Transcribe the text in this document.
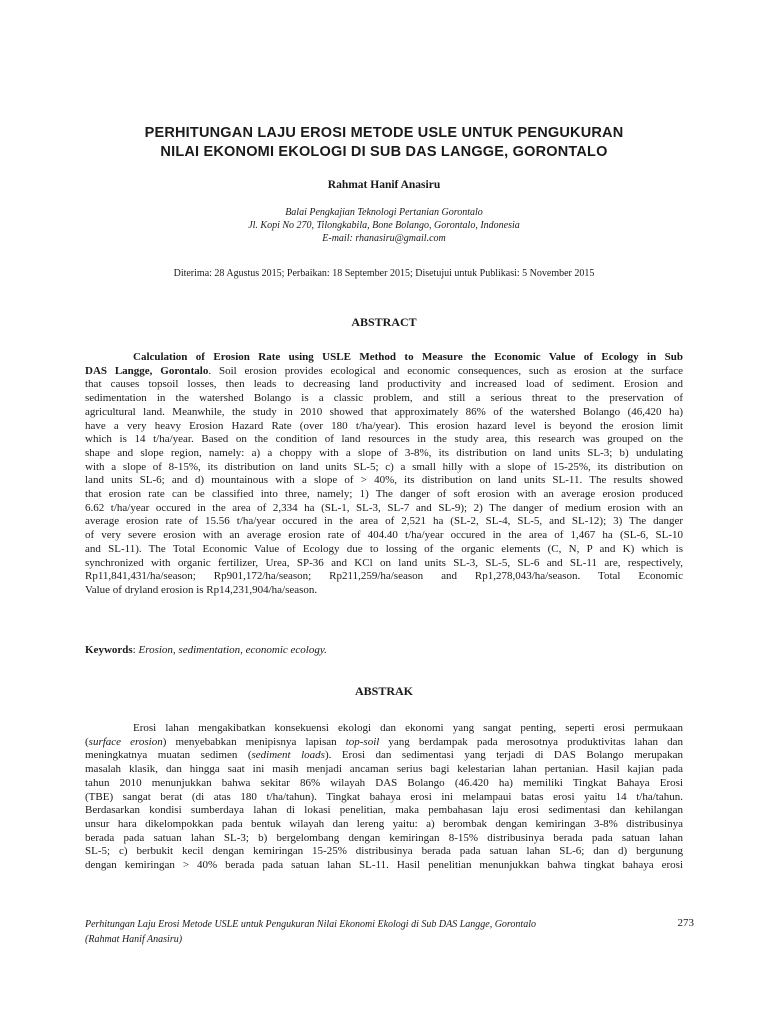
PERHITUNGAN LAJU EROSI METODE USLE UNTUK PENGUKURAN
NILAI EKONOMI EKOLOGI DI SUB DAS LANGGE, GORONTALO
Rahmat Hanif Anasiru
Balai Pengkajian Teknologi Pertanian Gorontalo
Jl. Kopi No 270, Tilongkabila, Bone Bolango, Gorontalo, Indonesia
E-mail: rhanasiru@gmail.com
Diterima: 28 Agustus 2015; Perbaikan: 18 September 2015; Disetujui untuk Publikasi: 5 November 2015
ABSTRACT
Calculation of Erosion Rate using USLE Method to Measure the Economic Value of Ecology in Sub
DAS Langge, Gorontalo. Soil erosion provides ecological and economic consequences, such as erosion at the surface
that causes topsoil losses, then leads to decreasing land productivity and increased load of sediment. Erosion and
sedimentation in the watershed Bolango is a classic problem, and still a serious threat to the preservation of
agricultural land. Meanwhile, the study in 2010 showed that approximately 86% of the watershed Bolango (46,420 ha)
have a very heavy Erosion Hazard Rate (over 180 t/ha/year). This erosion hazard level is beyond the erosion limit
which is 14 t/ha/year. Based on the condition of land resources in the study area, this research was grouped on the
shape and slope region, namely: a) a choppy with a slope of 3-8%, its distribution on land units SL-3; b) undulating
with a slope of 8-15%, its distribution on land units SL-5; c) a small hilly with a slope of 15-25%, its distribution on
land units SL-6; and d) mountainous with a slope of > 40%, its distribution on land units SL-11. The results showed
that erosion rate can be classified into three, namely; 1) The danger of soft erosion with an average erosion produced
6.62 t/ha/year occured in the area of 2,334 ha (SL-1, SL-3, SL-7 and SL-9); 2) The danger of medium erosion with an
average erosion rate of 15.56 t/ha/year occured in the area of 2,521 ha (SL-2, SL-4, SL-5, and SL-12); 3) The danger
of very severe erosion with an average erosion rate of 404.40 t/ha/year occured in the area of 1,467 ha (SL-6, SL-10
and SL-11). The Total Economic Value of Ecology due to lossing of the organic elements (C, N, P and K) which is
synchronized with organic fertilizer, Urea, SP-36 and KCl on land units SL-3, SL-5, SL-6 and SL-11 are, respectively,
Rp11,841,431/ha/season; Rp901,172/ha/season; Rp211,259/ha/season and Rp1,278,043/ha/season. Total Economic
Value of dryland erosion is Rp14,231,904/ha/season.
Keywords: Erosion, sedimentation, economic ecology.
ABSTRAK
Erosi lahan mengakibatkan konsekuensi ekologi dan ekonomi yang sangat penting, seperti erosi permukaan
(surface erosion) menyebabkan menipisnya lapisan top-soil yang berdampak pada merosotnya produktivitas lahan dan
meningkatnya muatan sedimen (sediment loads). Erosi dan sedimentasi yang terjadi di DAS Bolango merupakan
masalah klasik, dan hingga saat ini masih menjadi ancaman serius bagi kelestarian lahan pertanian. Hasil kajian pada
tahun 2010 menunjukkan bahwa sekitar 86% wilayah DAS Bolango (46.420 ha) memiliki Tingkat Bahaya Erosi
(TBE) sangat berat (di atas 180 t/ha/tahun). Tingkat bahaya erosi ini melampaui batas erosi yaitu 14 t/ha/tahun.
Berdasarkan kondisi sumberdaya lahan di lokasi penelitian, maka pembahasan laju erosi sedimentasi dan kehilangan
unsur hara dikelompokkan pada bentuk wilayah dan lereng yaitu: a) berombak dengan kemiringan 3-8% distribusinya
berada pada satuan lahan SL-3; b) bergelombang dengan kemiringan 8-15% distribusinya berada pada satuan lahan
SL-5; c) berbukit kecil dengan kemiringan 15-25% distribusinya berada pada satuan lahan SL-6; dan d) bergunung
dengan kemiringan > 40% berada pada satuan lahan SL-11. Hasil penelitian menunjukkan bahwa tingkat bahaya erosi
Perhitungan Laju Erosi Metode USLE untuk Pengukuran Nilai Ekonomi Ekologi di Sub DAS Langge, Gorontalo
(Rahmat Hanif Anasiru)
273
